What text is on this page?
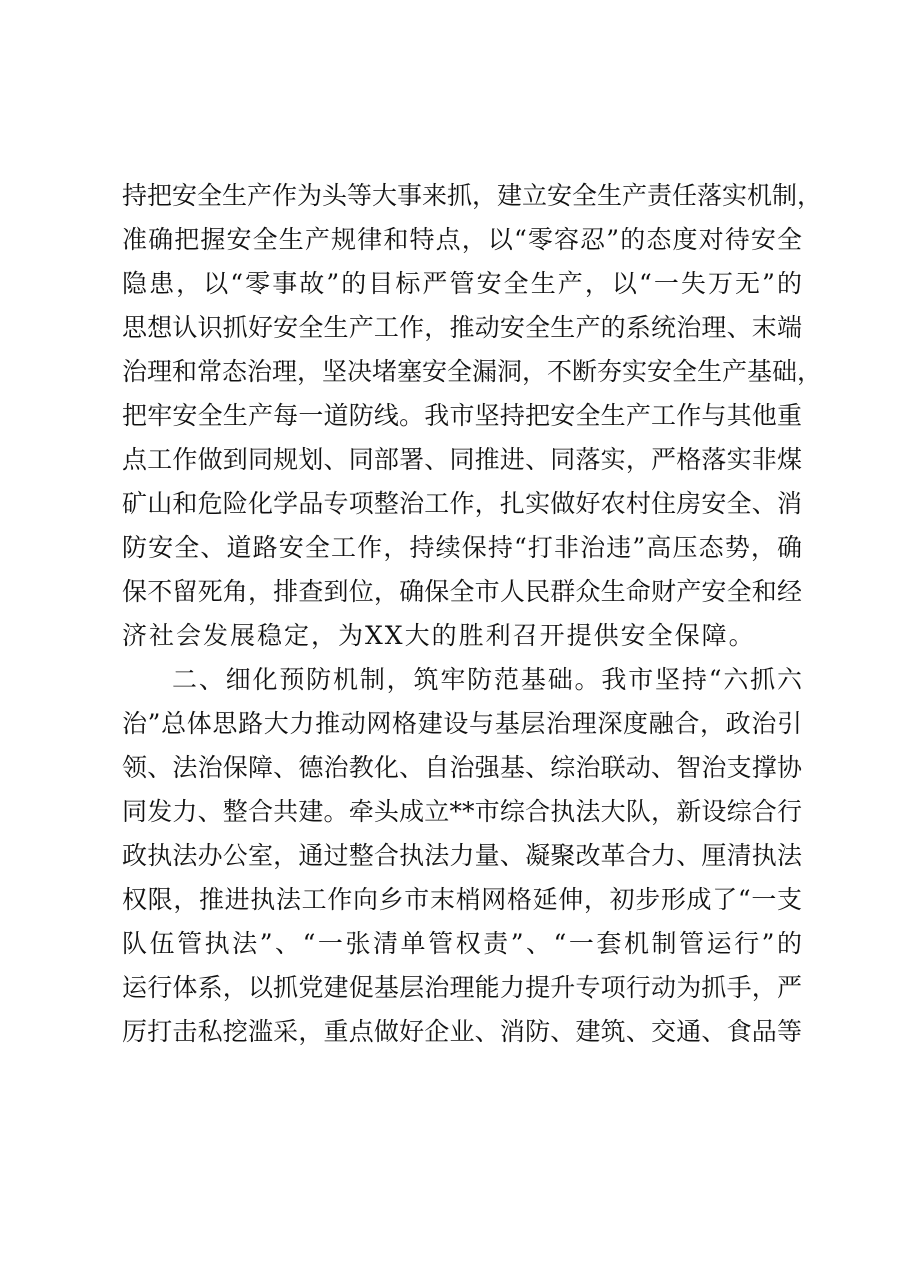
持把安全生产作为头等大事来抓，建立安全生产责任落实机制，
准确把握安全生产规律和特点，以“零容忍”的态度对待安全
隐患，以“零事故”的目标严管安全生产，以“一失万无”的
思想认识抓好安全生产工作，推动安全生产的系统治理、末端
治理和常态治理，坚决堵塞安全漏洞，不断夯实安全生产基础，
把牢安全生产每一道防线。我市坚持把安全生产工作与其他重
点工作做到同规划、同部署、同推进、同落实，严格落实非煤
矿山和危险化学品专项整治工作，扎实做好农村住房安全、消
防安全、道路安全工作，持续保持“打非治违”高压态势，确
保不留死角，排查到位，确保全市人民群众生命财产安全和经
济社会发展稳定，为XX大的胜利召开提供安全保障。
二、细化预防机制，筑牢防范基础。我市坚持“六抓六
治”总体思路大力推动网格建设与基层治理深度融合，政治引
领、法治保障、德治教化、自治强基、综治联动、智治支撑协
同发力、整合共建。牵头成立**市综合执法大队，新设综合行
政执法办公室，通过整合执法力量、凝聚改革合力、厘清执法
权限，推进执法工作向乡市末梢网格延伸，初步形成了“一支
队伍管执法”、“一张清单管权责”、“一套机制管运行”的
运行体系，以抓党建促基层治理能力提升专项行动为抓手，严
厉打击私挖滥采，重点做好企业、消防、建筑、交通、食品等
